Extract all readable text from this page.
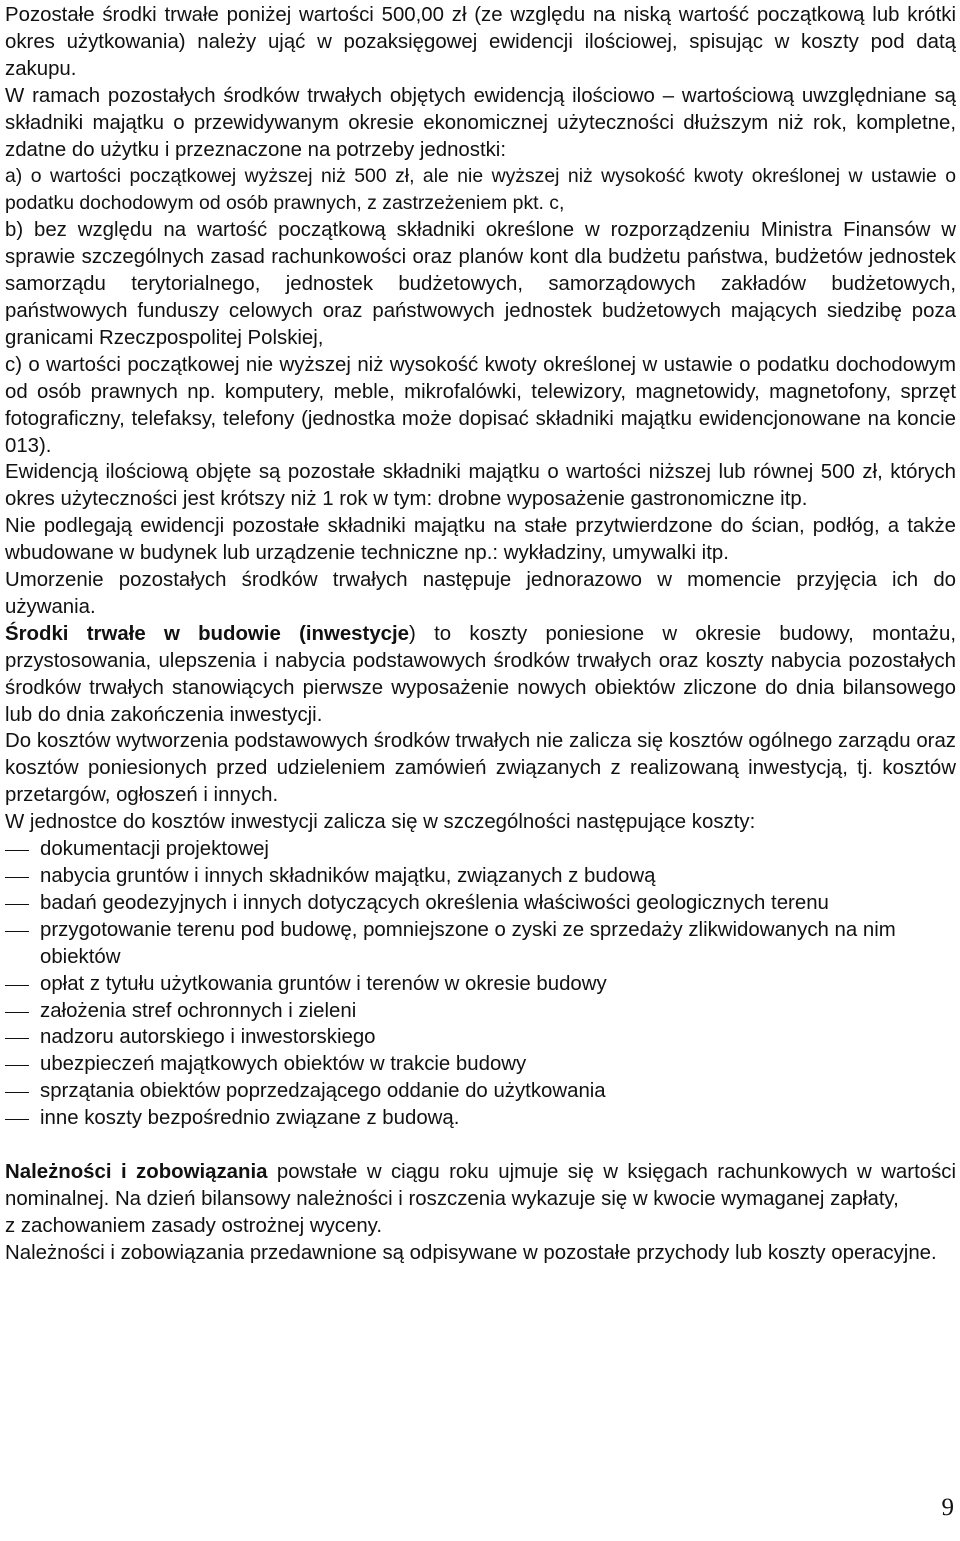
Pozostałe środki trwałe poniżej wartości 500,00 zł (ze względu na niską wartość początkową lub krótki okres użytkowania) należy ująć w pozaksięgowej ewidencji ilościowej, spisując w koszty pod datą zakupu.

W ramach pozostałych środków trwałych objętych ewidencją ilościowo – wartościową uwzględniane są składniki majątku o przewidywanym okresie ekonomicznej użyteczności dłuższym niż rok, kompletne, zdatne do użytku i przeznaczone na potrzeby jednostki:

a) o wartości początkowej wyższej niż 500 zł, ale nie wyższej niż wysokość kwoty określonej w ustawie o podatku dochodowym od osób prawnych, z zastrzeżeniem pkt. c,

b) bez względu na wartość początkową składniki określone w rozporządzeniu Ministra Finansów w sprawie szczególnych zasad rachunkowości oraz planów kont dla budżetu państwa, budżetów jednostek samorządu terytorialnego, jednostek budżetowych, samorządowych zakładów budżetowych, państwowych funduszy celowych oraz państwowych jednostek budżetowych mających siedzibę poza granicami Rzeczpospolitej Polskiej,

c) o wartości początkowej nie wyższej niż wysokość kwoty określonej w ustawie o podatku dochodowym od osób prawnych np. komputery, meble, mikrofalówki, telewizory, magnetowidy, magnetofony, sprzęt fotograficzny, telefaksy, telefony (jednostka może dopisać składniki majątku ewidencjonowane na koncie 013).

Ewidencją ilościową objęte są pozostałe składniki majątku o wartości niższej lub równej 500 zł, których okres użyteczności jest krótszy niż 1 rok w tym: drobne wyposażenie gastronomiczne itp.

Nie podlegają ewidencji pozostałe składniki majątku na stałe przytwierdzone do ścian, podłóg, a także wbudowane w budynek lub urządzenie techniczne np.: wykładziny, umywalki itp.

Umorzenie pozostałych środków trwałych następuje jednorazowo w momencie przyjęcia ich do używania.

Środki trwałe w budowie (inwestycje) to koszty poniesione w okresie budowy, montażu, przystosowania, ulepszenia i nabycia podstawowych środków trwałych oraz koszty nabycia pozostałych środków trwałych stanowiących pierwsze wyposażenie nowych obiektów zliczone do dnia bilansowego lub do dnia zakończenia inwestycji.

Do kosztów wytworzenia podstawowych środków trwałych nie zalicza się kosztów ogólnego zarządu oraz kosztów poniesionych przed udzieleniem zamówień związanych z realizowaną inwestycją, tj. kosztów przetargów, ogłoszeń i innych.

W jednostce do kosztów inwestycji zalicza się w szczególności następujące koszty:

dokumentacji projektowej
nabycia gruntów i innych składników majątku, związanych z budową
badań geodezyjnych i innych dotyczących określenia właściwości geologicznych terenu
przygotowanie terenu pod budowę, pomniejszone o zyski ze sprzedaży zlikwidowanych na nim obiektów
opłat z tytułu użytkowania gruntów i terenów w okresie budowy
założenia stref ochronnych i zieleni
nadzoru autorskiego i inwestorskiego
ubezpieczeń majątkowych obiektów w trakcie budowy
sprzątania obiektów poprzedzającego oddanie do użytkowania
inne koszty bezpośrednio związane z budową.

Należności i zobowiązania powstałe w ciągu roku ujmuje się w księgach rachunkowych w wartości nominalnej. Na dzień bilansowy należności i roszczenia wykazuje się w kwocie wymaganej zapłaty,

z zachowaniem zasady ostrożnej wyceny.

Należności i zobowiązania przedawnione są odpisywane w pozostałe przychody lub koszty operacyjne.

9
